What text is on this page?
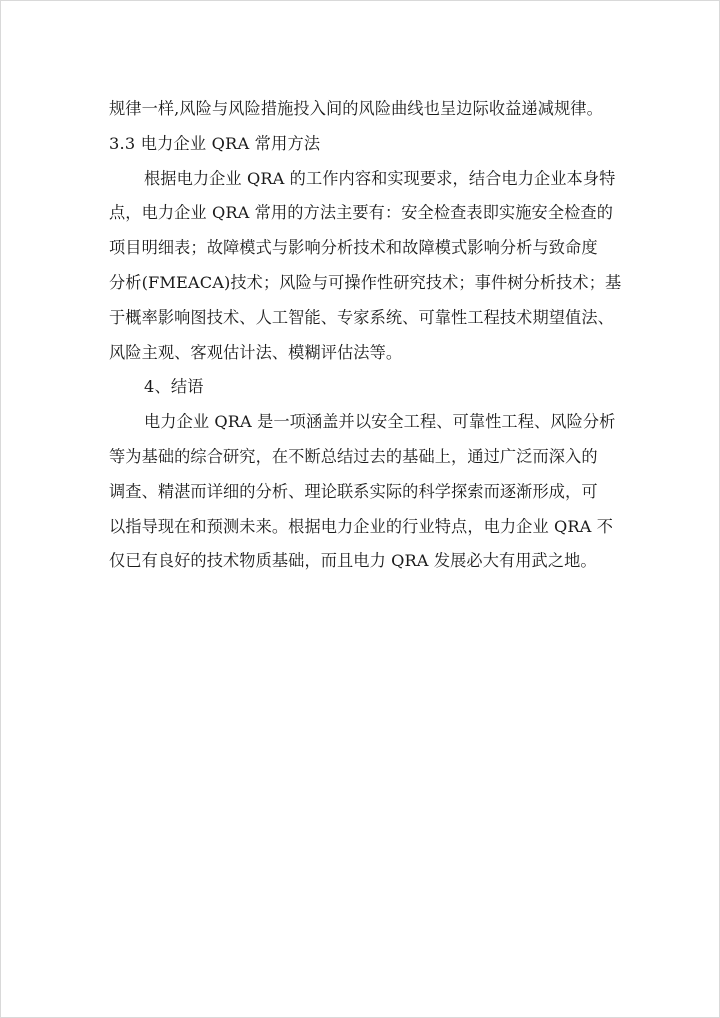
规律一样,风险与风险措施投入间的风险曲线也呈边际收益递减规律。
3.3 电力企业 QRA 常用方法
根据电力企业 QRA 的工作内容和实现要求，结合电力企业本身特
点，电力企业 QRA 常用的方法主要有：安全检查表即实施安全检查的
项目明细表；故障模式与影响分析技术和故障模式影响分析与致命度
分析(FMEACA)技术；风险与可操作性研究技术；事件树分析技术；基
于概率影响图技术、人工智能、专家系统、可靠性工程技术期望值法、
风险主观、客观估计法、模糊评估法等。
4、结语
电力企业 QRA 是一项涵盖并以安全工程、可靠性工程、风险分析
等为基础的综合研究，在不断总结过去的基础上，通过广泛而深入的
调查、精湛而详细的分析、理论联系实际的科学探索而逐渐形成，可
以指导现在和预测未来。根据电力企业的行业特点，电力企业 QRA 不
仅已有良好的技术物质基础，而且电力 QRA 发展必大有用武之地。
